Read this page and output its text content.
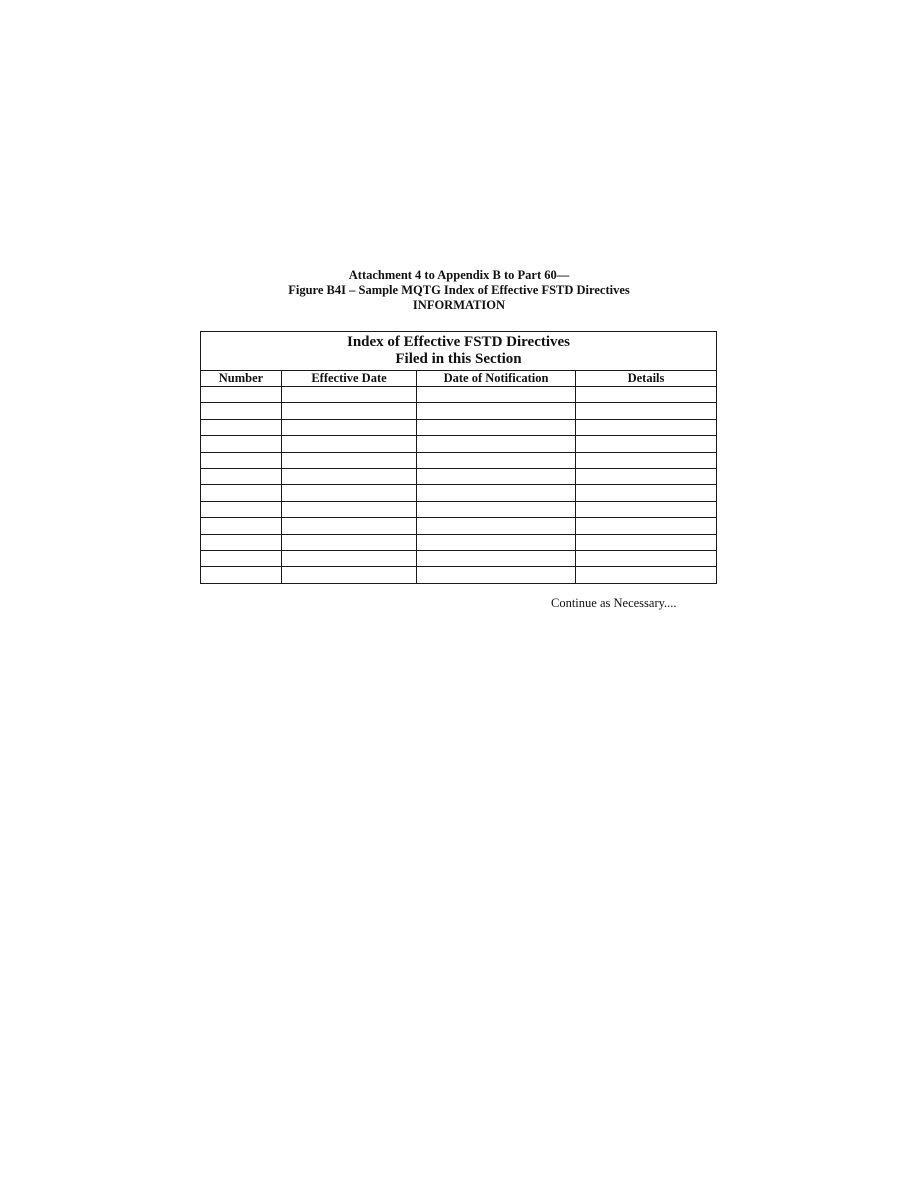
Attachment 4 to Appendix B to Part 60—
Figure B4I – Sample MQTG Index of Effective FSTD Directives
INFORMATION
Index of Effective FSTD Directives
Filed in this Section			

Number	Effective Date	Date of Notification	Details

Continue as Necessary....
